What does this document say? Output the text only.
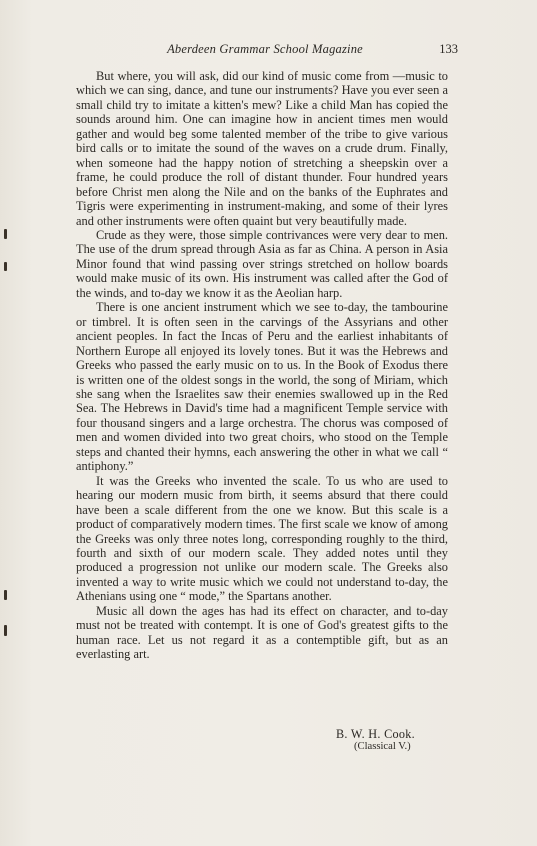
Aberdeen Grammar School Magazine	133

But where, you will ask, did our kind of music come from —music to which we can sing, dance, and tune our instruments? Have you ever seen a small child try to imitate a kitten's mew? Like a child Man has copied the sounds around him. One can imagine how in ancient times men would gather and would beg some talented member of the tribe to give various bird calls or to imitate the sound of the waves on a crude drum. Finally, when someone had the happy notion of stretching a sheepskin over a frame, he could produce the roll of distant thunder. Four hundred years before Christ men along the Nile and on the banks of the Euphrates and Tigris were experimenting in instrument-making, and some of their lyres and other instruments were often quaint but very beautifully made.

Crude as they were, those simple contrivances were very dear to men. The use of the drum spread through Asia as far as China. A person in Asia Minor found that wind passing over strings stretched on hollow boards would make music of its own. His instrument was called after the God of the winds, and to-day we know it as the Aeolian harp.

There is one ancient instrument which we see to-day, the tambourine or timbrel. It is often seen in the carvings of the Assyrians and other ancient peoples. In fact the Incas of Peru and the earliest inhabitants of Northern Europe all enjoyed its lovely tones. But it was the Hebrews and Greeks who passed the early music on to us. In the Book of Exodus there is written one of the oldest songs in the world, the song of Miriam, which she sang when the Israelites saw their enemies swallowed up in the Red Sea. The Hebrews in David's time had a magnificent Temple service with four thousand singers and a large orchestra. The chorus was composed of men and women divided into two great choirs, who stood on the Temple steps and chanted their hymns, each answering the other in what we call “ antiphony.”

It was the Greeks who invented the scale. To us who are used to hearing our modern music from birth, it seems absurd that there could have been a scale different from the one we know. But this scale is a product of comparatively modern times. The first scale we know of among the Greeks was only three notes long, corresponding roughly to the third, fourth and sixth of our modern scale. They added notes until they produced a progression not unlike our modern scale. The Greeks also invented a way to write music which we could not understand to-day, the Athenians using one “ mode,” the Spartans another.

Music all down the ages has had its effect on character, and to-day must not be treated with contempt. It is one of God's greatest gifts to the human race. Let us not regard it as a contemptible gift, but as an everlasting art.

B. W. H. Cook.
(Classical V.)
